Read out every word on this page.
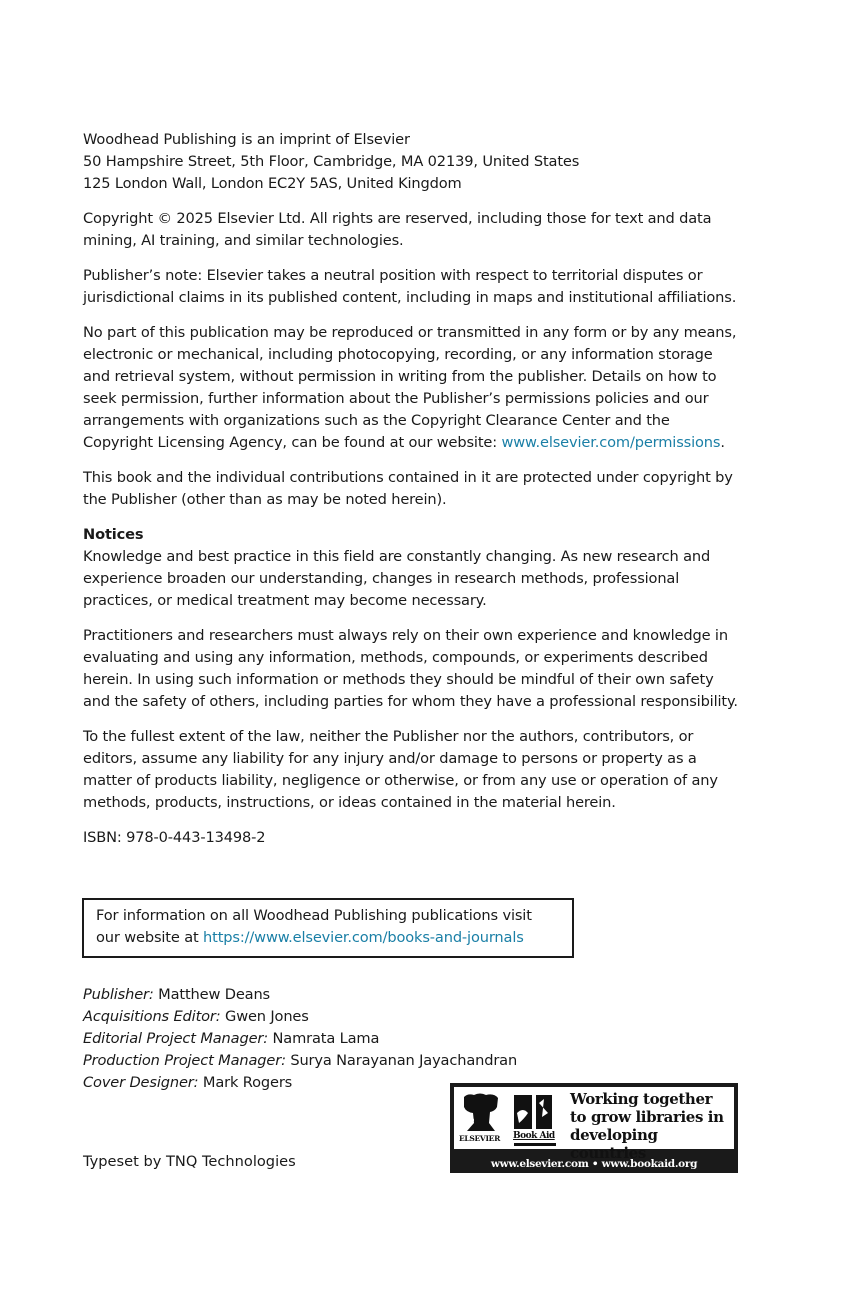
Woodhead Publishing is an imprint of Elsevier
50 Hampshire Street, 5th Floor, Cambridge, MA 02139, United States
125 London Wall, London EC2Y 5AS, United Kingdom

Copyright © 2025 Elsevier Ltd. All rights are reserved, including those for text and data mining, AI training, and similar technologies.

Publisher’s note: Elsevier takes a neutral position with respect to territorial disputes or jurisdictional claims in its published content, including in maps and institutional affiliations.

No part of this publication may be reproduced or transmitted in any form or by any means, electronic or mechanical, including photocopying, recording, or any information storage and retrieval system, without permission in writing from the publisher. Details on how to seek permission, further information about the Publisher’s permissions policies and our arrangements with organizations such as the Copyright Clearance Center and the Copyright Licensing Agency, can be found at our website: www.elsevier.com/permissions.

This book and the individual contributions contained in it are protected under copyright by the Publisher (other than as may be noted herein).

Notices
Knowledge and best practice in this field are constantly changing. As new research and experience broaden our understanding, changes in research methods, professional practices, or medical treatment may become necessary.

Practitioners and researchers must always rely on their own experience and knowledge in evaluating and using any information, methods, compounds, or experiments described herein. In using such information or methods they should be mindful of their own safety and the safety of others, including parties for whom they have a professional responsibility.

To the fullest extent of the law, neither the Publisher nor the authors, contributors, or editors, assume any liability for any injury and/or damage to persons or property as a matter of products liability, negligence or otherwise, or from any use or operation of any methods, products, instructions, or ideas contained in the material herein.

ISBN: 978-0-443-13498-2

For information on all Woodhead Publishing publications visit
our website at https://www.elsevier.com/books-and-journals
Publisher: Matthew Deans
Acquisitions Editor: Gwen Jones
Editorial Project Manager: Namrata Lama
Production Project Manager: Surya Narayanan Jayachandran
Cover Designer: Mark Rogers
Typeset by TNQ Technologies
ELSEVIER Book Aid
Working together
to grow libraries in
developing countries
www.elsevier.com • www.bookaid.org
